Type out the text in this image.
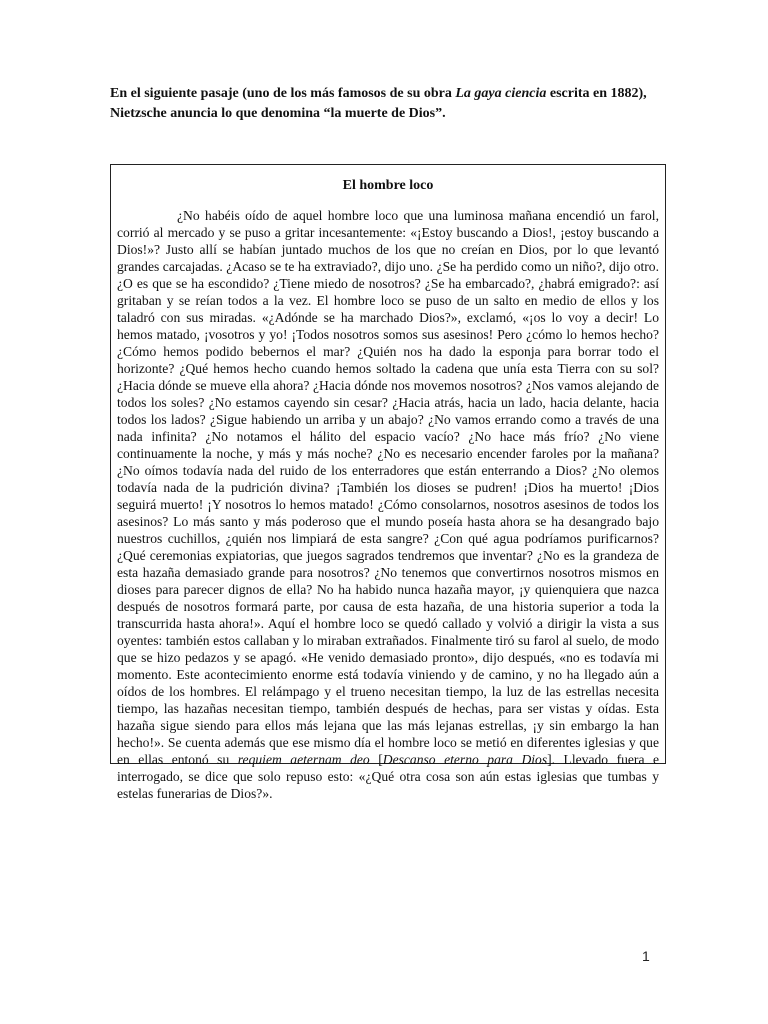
En el siguiente pasaje (uno de los más famosos de su obra La gaya ciencia escrita en 1882), Nietzsche anuncia lo que denomina “la muerte de Dios”.

El hombre loco

¿No habéis oído de aquel hombre loco que una luminosa mañana encendió un farol, corrió al mercado y se puso a gritar incesantemente: «¡Estoy buscando a Dios!, ¡estoy buscando a Dios!»? Justo allí se habían juntado muchos de los que no creían en Dios, por lo que levantó grandes carcajadas. ¿Acaso se te ha extraviado?, dijo uno. ¿Se ha perdido como un niño?, dijo otro. ¿O es que se ha escondido? ¿Tiene miedo de nosotros? ¿Se ha embarcado?, ¿habrá emigrado?: así gritaban y se reían todos a la vez. El hombre loco se puso de un salto en medio de ellos y los taladró con sus miradas. «¿Adónde se ha marchado Dios?», exclamó, «¡os lo voy a decir! Lo hemos matado, ¡vosotros y yo! ¡Todos nosotros somos sus asesinos! Pero ¿cómo lo hemos hecho? ¿Cómo hemos podido bebernos el mar? ¿Quién nos ha dado la esponja para borrar todo el horizonte? ¿Qué hemos hecho cuando hemos soltado la cadena que unía esta Tierra con su sol? ¿Hacia dónde se mueve ella ahora? ¿Hacia dónde nos movemos nosotros? ¿Nos vamos alejando de todos los soles? ¿No estamos cayendo sin cesar? ¿Hacia atrás, hacia un lado, hacia delante, hacia todos los lados? ¿Sigue habiendo un arriba y un abajo? ¿No vamos errando como a través de una nada infinita? ¿No notamos el hálito del espacio vacío? ¿No hace más frío? ¿No viene continuamente la noche, y más y más noche? ¿No es necesario encender faroles por la mañana? ¿No oímos todavía nada del ruido de los enterradores que están enterrando a Dios? ¿No olemos todavía nada de la pudrición divina? ¡También los dioses se pudren! ¡Dios ha muerto! ¡Dios seguirá muerto! ¡Y nosotros lo hemos matado! ¿Cómo consolarnos, nosotros asesinos de todos los asesinos? Lo más santo y más poderoso que el mundo poseía hasta ahora se ha desangrado bajo nuestros cuchillos, ¿quién nos limpiará de esta sangre? ¿Con qué agua podríamos purificarnos? ¿Qué ceremonias expiatorias, que juegos sagrados tendremos que inventar? ¿No es la grandeza de esta hazaña demasiado grande para nosotros? ¿No tenemos que convertirnos nosotros mismos en dioses para parecer dignos de ella? No ha habido nunca hazaña mayor, ¡y quienquiera que nazca después de nosotros formará parte, por causa de esta hazaña, de una historia superior a toda la transcurrida hasta ahora!». Aquí el hombre loco se quedó callado y volvió a dirigir la vista a sus oyentes: también estos callaban y lo miraban extrañados. Finalmente tiró su farol al suelo, de modo que se hizo pedazos y se apagó. «He venido demasiado pronto», dijo después, «no es todavía mi momento. Este acontecimiento enorme está todavía viniendo y de camino, y no ha llegado aún a oídos de los hombres. El relámpago y el trueno necesitan tiempo, la luz de las estrellas necesita tiempo, las hazañas necesitan tiempo, también después de hechas, para ser vistas y oídas. Esta hazaña sigue siendo para ellos más lejana que las más lejanas estrellas, ¡y sin embargo la han hecho!». Se cuenta además que ese mismo día el hombre loco se metió en diferentes iglesias y que en ellas entonó su requiem aeternam deo [Descanso eterno para Dios]. Llevado fuera e interrogado, se dice que solo repuso esto: «¿Qué otra cosa son aún estas iglesias que tumbas y estelas funerarias de Dios?».

1
